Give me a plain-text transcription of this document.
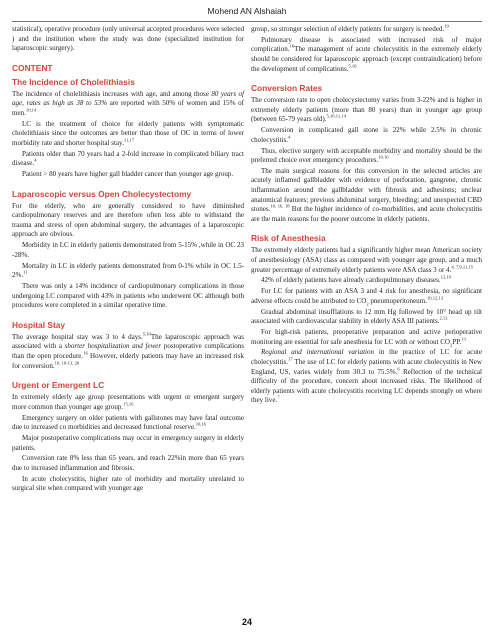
Mohend AN Alshaiah

statistical), operative procedure (only universal accepted procedures were selected ) and the institution where the study was done (specialized institution for laparoscopic surgery).

CONTENT
The Incidence of Cholelithiasis

The incidence of cholelithiasis increases with age, and among those 80 years of age, rates as high as 38 to 53% are reported with 50% of women and 15% of men.$^{10,14}$

LC is the treatment of choice for elderly patients with symptomatic cholelithiasis since the outcomes are better than those of OC in terms of lower morbidity rate and shorter hospital stay.$^{11,17}$

Patients older than 70 years had a 2-fold increase in complicated biliary tract disease.$^4$

Patient > 80 years have higher gall bladder cancer than younger age group.

Laparoscopic versus Open Cholecystectomy

For the elderly, who are generally considered to have diminished cardiopulmonary reserves and are therefore often less able to withstand the trauma and stress of open abdominal surgery, the advantages of a laparoscopic approach are obvious.

Morbidity in LC in elderly patients demonstrated from 5-15% ,while in OC 23 -28%.

Mortality in LC in elderly patients demonstrated from 0-1% while in OC 1.5-2%.$^{11}$

There was only a 14% incidence of cardiopulmonary complications in those undergoing LC compared with 43% in patients who underwent OC although both procedures were completed in a similar operative time.

Hospital Stay

The average hospital stay was 3 to 4 days.$^{5,10}$The laparoscopic approach was associated with a shorter hospitalization and fewer postoperative complications than the open procedure.$^{16}$ However, elderly patients may have an increased risk for conversion.$^{10, 18-13, 20}$

Urgent or Emergent LC

In extremely elderly age group presentations with urgent or emergent surgery more common than younger age group.$^{15,16}$

Emergency surgery on older patients with gallstones may have fatal outcome due to increased co morbidities and decreased functional reserve.$^{10,16}$

Major postoperative complications may occur in emergency surgery in elderly patients.

Conversion rate 8% less than 65 years, and reach 22%in more than 65 years due to increased inflammation and fibrosis.

In acute cholecystitis, higher rate of morbidity and mortality unrelated to surgical site when compared with younger age

group, so stronger selection of elderly patients for surgery is needed.$^{19}$

Pulmonary disease is associated with increased risk of major complication.$^{10}$The management of acute cholecystitis in the extremely elderly should be considered for laparoscopic approach (except contraindication) before the development of complications.$^{5,16}$

Conversion Rates

The conversion rate to open cholecystectomy varies from 3-22% and is higher in extremely elderly patients (more than 80 years) than in younger age group (between 65-79 years old).$^{5,10,11,14}$

Conversion in complicated gall stone is 22% while 2.5% in chronic cholecystitis.$^4$

Thus, elective surgery with acceptable morbidity and mortality should be the preferred choice over emergency procedures.$^{10,16}$

The main surgical reasons for this conversion in the selected articles are acutely inflamed gallbladder with evidence of perforation, gangrene, chronic inflammation around the gallbladder with fibrosis and adhesions; unclear anatomical features; previous abdominal surgery, bleeding; and unexpected CBD stones.$^{10, 16, 18}$ But the higher incidence of co-morbidities, and acute cholecystitis are the main reasons for the poorer outcome in elderly patients.

Risk of Anesthesia

The extremely elderly patients had a significantly higher mean American society of anesthesiology (ASA) class as compared with younger age group, and a much greater percentage of extremely elderly patients were ASA class 3 or 4.$^{4, 7,9,11,15}$

42% of elderly patients have already cardiopulmonary diseases.$^{12,19}$

For LC for patients with an ASA 3 and 4 risk for anesthesia, no significant adverse effects could be attributed to $CO_2$ pneumoperitoneum.$^{10,12,13}$

Gradual abdominal insufflations to 12 mm Hg followed by 10° head up tilt associated with cardiovascular stability in elderly ASA III patients.$^{2,12}$

For high-risk patients, preoperative preparation and active perioperative monitoring are essential for safe anesthesia for LC with or without $CO_2PP.^{13}$

Regional and international variation in the practice of LC for acute cholecystitis.$^{17}$ The use of LC for elderly patients with acute cholecystitis in New England, US, varies widely from 30.3 to 75.5%.$^6$ Reflection of the technical difficulty of the procedure, concern about increased risks. The likelihood of elderly patients with acute cholecystitis receiving LC depends strongly on where they live.$^7$

24
